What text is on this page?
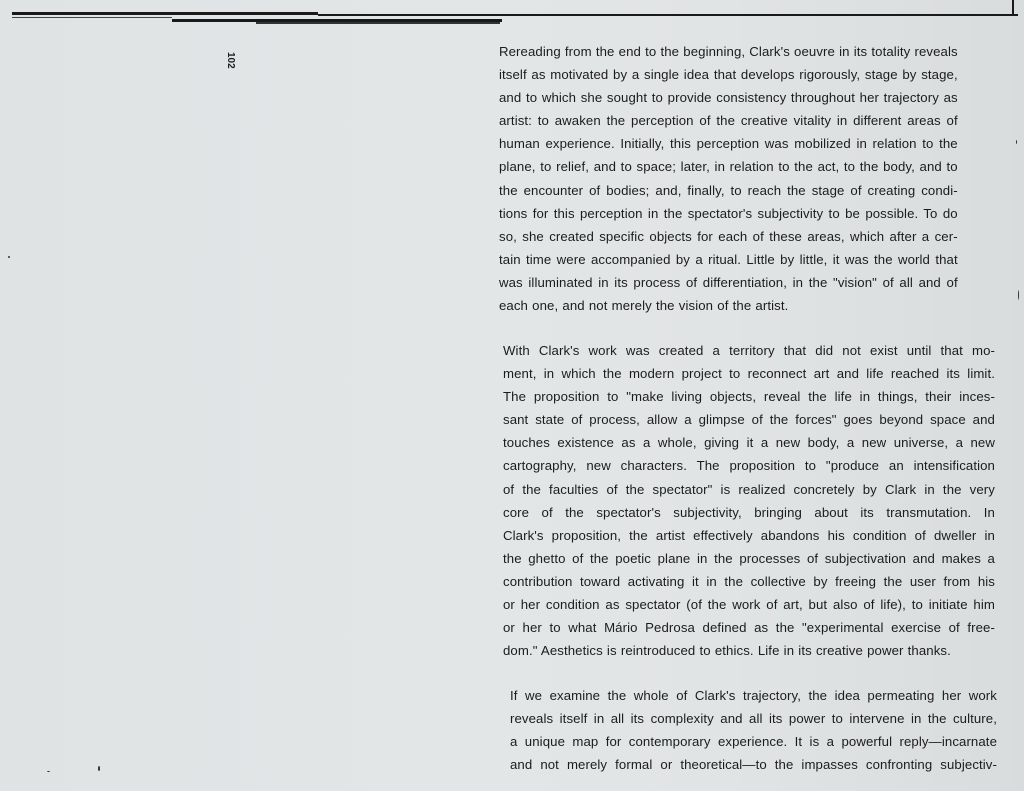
102
Rereading from the end to the beginning, Clark's oeuvre in its totality reveals
itself as motivated by a single idea that develops rigorously, stage by stage,
and to which she sought to provide consistency throughout her trajectory as
artist: to awaken the perception of the creative vitality in different areas of
human experience. Initially, this perception was mobilized in relation to the
plane, to relief, and to space; later, in relation to the act, to the body, and to
the encounter of bodies; and, finally, to reach the stage of creating condi-
tions for this perception in the spectator's subjectivity to be possible. To do
so, she created specific objects for each of these areas, which after a cer-
tain time were accompanied by a ritual. Little by little, it was the world that
was illuminated in its process of differentiation, in the "vision" of all and of
each one, and not merely the vision of the artist.
With Clark's work was created a territory that did not exist until that mo-
ment, in which the modern project to reconnect art and life reached its limit.
The proposition to "make living objects, reveal the life in things, their inces-
sant state of process, allow a glimpse of the forces" goes beyond space and
touches existence as a whole, giving it a new body, a new universe, a new
cartography, new characters. The proposition to "produce an intensification
of the faculties of the spectator" is realized concretely by Clark in the very
core of the spectator's subjectivity, bringing about its transmutation. In
Clark's proposition, the artist effectively abandons his condition of dweller in
the ghetto of the poetic plane in the processes of subjectivation and makes a
contribution toward activating it in the collective by freeing the user from his
or her condition as spectator (of the work of art, but also of life), to initiate him
or her to what Mário Pedrosa defined as the "experimental exercise of free-
dom." Aesthetics is reintroduced to ethics. Life in its creative power thanks.
If we examine the whole of Clark's trajectory, the idea permeating her work
reveals itself in all its complexity and all its power to intervene in the culture,
a unique map for contemporary experience. It is a powerful reply—incarnate
and not merely formal or theoretical—to the impasses confronting subjectiv-
